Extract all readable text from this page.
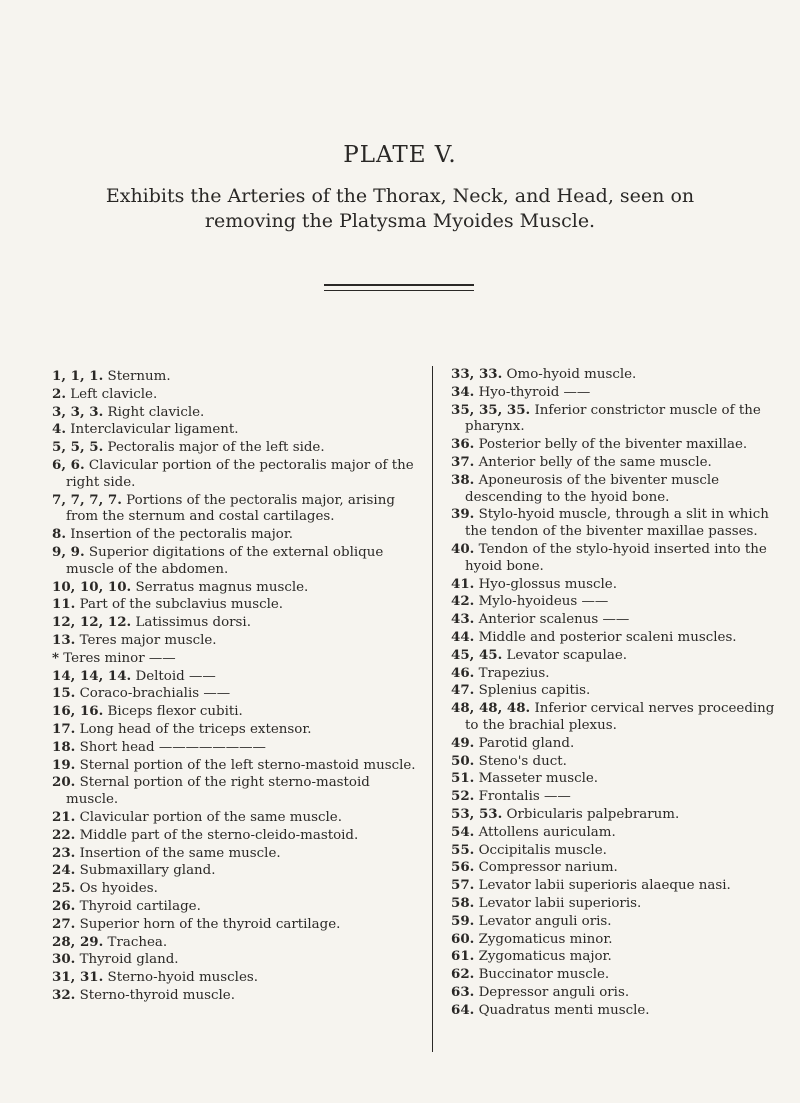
PLATE V.
Exhibits the Arteries of the Thorax, Neck, and Head, seen on removing the Platysma Myoides Muscle.

1, 1, 1. Sternum.

2. Left clavicle.

3, 3, 3. Right clavicle.

4. Interclavicular ligament.

5, 5, 5. Pectoralis major of the left side.

6, 6. Clavicular portion of the pectoralis major of the right side.

7, 7, 7, 7. Portions of the pectoralis major, arising from the sternum and costal cartilages.

8. Insertion of the pectoralis major.

9, 9. Superior digitations of the external oblique muscle of the abdomen.

10, 10, 10. Serratus magnus muscle.

11. Part of the subclavius muscle.

12, 12, 12. Latissimus dorsi.

13. Teres major muscle.

* Teres minor ——

14, 14, 14. Deltoid ——

15. Coraco-brachialis ——

16, 16. Biceps flexor cubiti.

17. Long head of the triceps extensor.

18. Short head ————————

19. Sternal portion of the left sterno-mastoid muscle.

20. Sternal portion of the right sterno-mastoid muscle.

21. Clavicular portion of the same muscle.

22. Middle part of the sterno-cleido-mastoid.

23. Insertion of the same muscle.

24. Submaxillary gland.

25. Os hyoides.

26. Thyroid cartilage.

27. Superior horn of the thyroid cartilage.

28, 29. Trachea.

30. Thyroid gland.

31, 31. Sterno-hyoid muscles.

32. Sterno-thyroid muscle.

33, 33. Omo-hyoid muscle.

34. Hyo-thyroid ——

35, 35, 35. Inferior constrictor muscle of the pharynx.

36. Posterior belly of the biventer maxillae.

37. Anterior belly of the same muscle.

38. Aponeurosis of the biventer muscle descending to the hyoid bone.

39. Stylo-hyoid muscle, through a slit in which the tendon of the biventer maxillae passes.

40. Tendon of the stylo-hyoid inserted into the hyoid bone.

41. Hyo-glossus muscle.

42. Mylo-hyoideus ——

43. Anterior scalenus ——

44. Middle and posterior scaleni muscles.

45, 45. Levator scapulae.

46. Trapezius.

47. Splenius capitis.

48, 48, 48. Inferior cervical nerves proceeding to the brachial plexus.

49. Parotid gland.

50. Steno's duct.

51. Masseter muscle.

52. Frontalis ——

53, 53. Orbicularis palpebrarum.

54. Attollens auriculam.

55. Occipitalis muscle.

56. Compressor narium.

57. Levator labii superioris alaeque nasi.

58. Levator labii superioris.

59. Levator anguli oris.

60. Zygomaticus minor.

61. Zygomaticus major.

62. Buccinator muscle.

63. Depressor anguli oris.

64. Quadratus menti muscle.
